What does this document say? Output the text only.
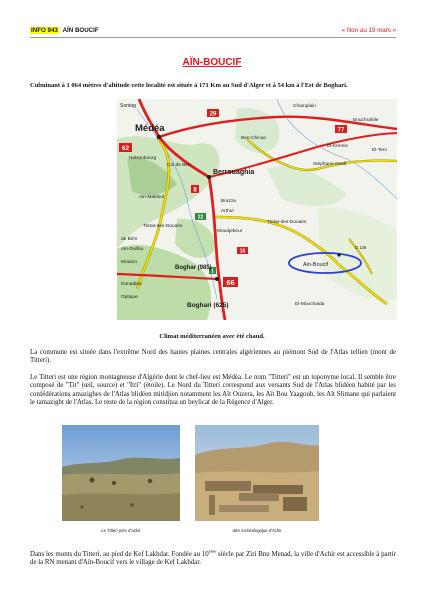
INFO 943 AÏN BOUCIF	« Non au 19 mars »
AÏN-BOUCIF
Culminant à 1 064 mètres d'altitude cette localité est située à 171 Km au Sud d'Alger et à 54 km à l'Est de Boghari.
62
29
8
77
22
18
1
66
Sontag
Médéa
Nelsonbourg
Col de Ben
Ain-Makloul
Tletat-des-Douairs
de Birin
Ain-Dalhia
Mouton
Donadieu
Optique
Champlain
Ben-Chicao
Berrouaghia
Brazza
Arthur
Tletat-des-Douairs
Moudjebeur
Boghar (985)
Boghari (625)
Ain-Boucif
El-Mouchaida
Bouchrahile
El-Kremis
El-Teni
Stéphane-Gsell
D 136
Climat méditerranéen avec été chaud.
La commune est située dans l'extrême Nord des hautes plaines centrales algériennes au piémont Sud de l'Atlas tellien (mont de Titteri).
Le Titteri est une région montagneuse d'Algérie dont le chef-lieu est Médéa. Le nom "Titteri" est un toponyme local. Il semble être composé de "Tit" (œil, source) et "Itri" (étoile). Le Nord du Titteri correspond aux versants Sud de l'Atlas blidéen habité par les confédérations amazighes de l'Atlas blidéen mitidjien notamment les Aït Ouzera, les Aït Bou Yaagoub, les Aït Slimane qui parlaient le tamazight de l'Atlas. Le reste de la région constitua un beylicat de la Régence d'Alger.
Le Titteri près d'Achir	Site Archéologique d'Achir
Dans les monts du Titteri, au pied de Kef Lakhdar. Fondée au 10ème siècle par Ziri Bnu Menad, la ville d'Achir est accessible à partir de la RN menant d'Aïn-Boucif vers le village de Kef Lakhdar.
